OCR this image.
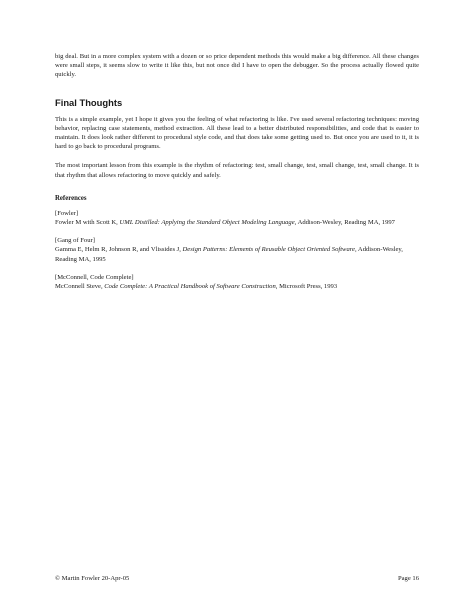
big deal. But in a more complex system with a dozen or so price dependent methods this would make a big difference. All these changes were small steps, it seems slow to write it like this, but not once did I have to open the debugger. So the process actually flowed quite quickly.

Final Thoughts

This is a simple example, yet I hope it gives you the feeling of what refactoring is like. I've used several refactoring techniques: moving behavior, replacing case statements, method extraction. All these lead to a better distributed responsibilities, and code that is easier to maintain. It does look rather different to procedural style code, and that does take some getting used to. But once you are used to it, it is hard to go back to procedural programs.

The most important lesson from this example is the rhythm of refactoring: test, small change, test, small change, test, small change. It is that rhythm that allows refactoring to move quickly and safely.

References
[Fowler]
Fowler M with Scott K, UML Distilled: Applying the Standard Object Modeling Language, Addison-Wesley, Reading MA, 1997
[Gang of Four]
Gamma E, Helm R, Johnson R, and Vlissides J, Design Patterns: Elements of Reusable Object Oriented Software, Addison-Wesley, Reading MA, 1995
[McConnell, Code Complete]
McConnell Steve, Code Complete: A Practical Handbook of Software Construction, Microsoft Press, 1993
© Martin Fowler 20-Apr-05	Page 16
